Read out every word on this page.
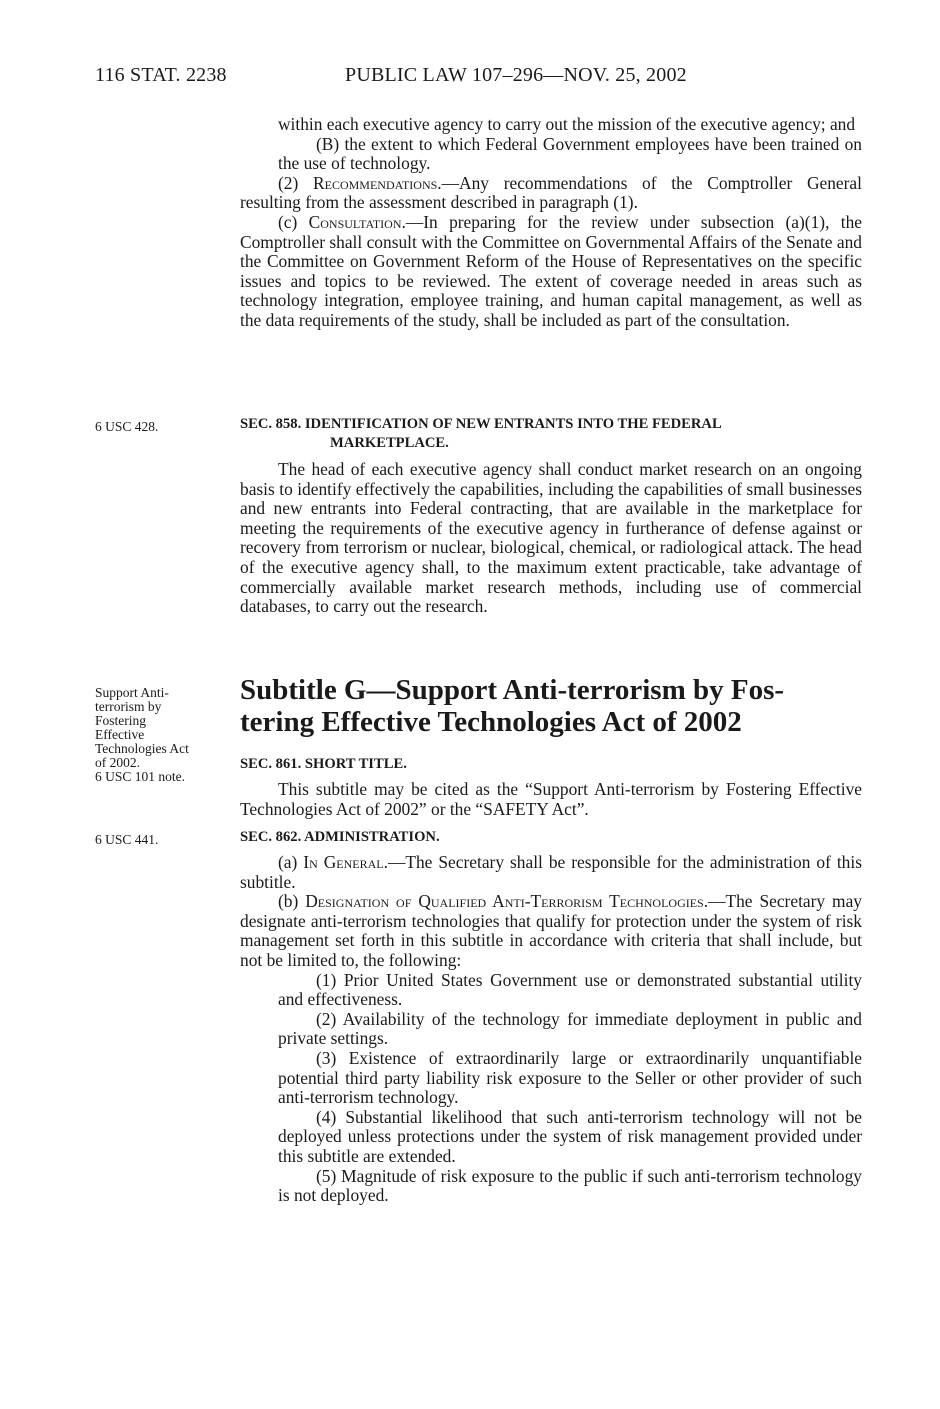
116 STAT. 2238	PUBLIC LAW 107–296—NOV. 25, 2002

within each executive agency to carry out the mission of the executive agency; and

(B) the extent to which Federal Government employees have been trained on the use of technology.

(2) Recommendations.—Any recommendations of the Comptroller General resulting from the assessment described in paragraph (1).

(c) Consultation.—In preparing for the review under subsection (a)(1), the Comptroller shall consult with the Committee on Governmental Affairs of the Senate and the Committee on Government Reform of the House of Representatives on the specific issues and topics to be reviewed. The extent of coverage needed in areas such as technology integration, employee training, and human capital management, as well as the data requirements of the study, shall be included as part of the consultation.

6 USC 428.	SEC. 858. IDENTIFICATION OF NEW ENTRANTS INTO THE FEDERAL
MARKETPLACE.

The head of each executive agency shall conduct market research on an ongoing basis to identify effectively the capabilities, including the capabilities of small businesses and new entrants into Federal contracting, that are available in the marketplace for meeting the requirements of the executive agency in furtherance of defense against or recovery from terrorism or nuclear, biological, chemical, or radiological attack. The head of the executive agency shall, to the maximum extent practicable, take advantage of commercially available market research methods, including use of commercial databases, to carry out the research.

Support Anti-
terrorism by
Fostering
Effective
Technologies Act
of 2002.
6 USC 101 note.

Subtitle G—Support Anti-terrorism by Fos-
tering Effective Technologies Act of 2002

SEC. 861. SHORT TITLE.

This subtitle may be cited as the “Support Anti-terrorism by Fostering Effective Technologies Act of 2002” or the “SAFETY Act”.

6 USC 441.	SEC. 862. ADMINISTRATION.

(a) In General.—The Secretary shall be responsible for the administration of this subtitle.

(b) Designation of Qualified Anti-Terrorism Technologies.—The Secretary may designate anti-terrorism technologies that qualify for protection under the system of risk management set forth in this subtitle in accordance with criteria that shall include, but not be limited to, the following:

(1) Prior United States Government use or demonstrated substantial utility and effectiveness.

(2) Availability of the technology for immediate deployment in public and private settings.

(3) Existence of extraordinarily large or extraordinarily unquantifiable potential third party liability risk exposure to the Seller or other provider of such anti-terrorism technology.

(4) Substantial likelihood that such anti-terrorism technology will not be deployed unless protections under the system of risk management provided under this subtitle are extended.

(5) Magnitude of risk exposure to the public if such anti-terrorism technology is not deployed.
